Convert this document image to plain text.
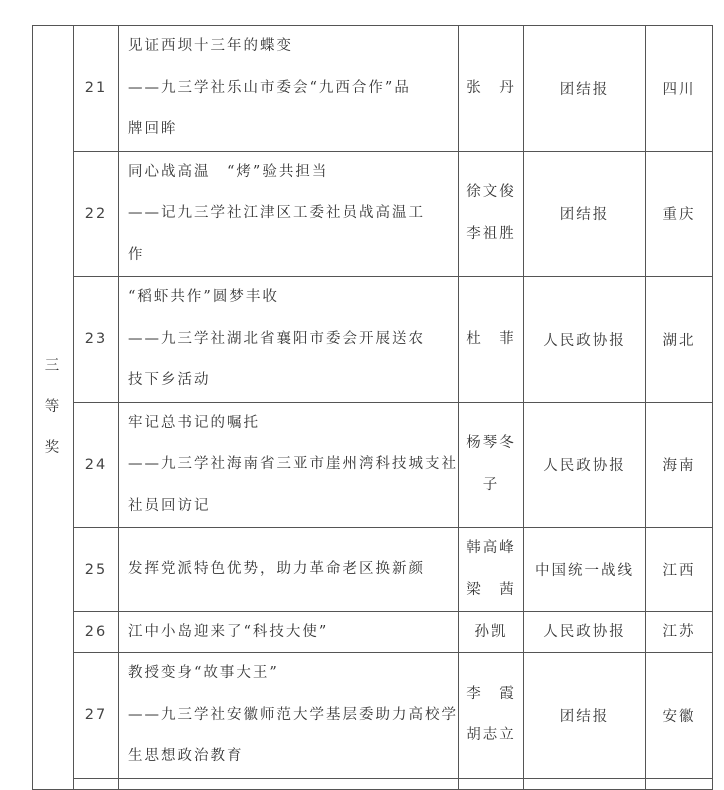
三
等
奖	21	见证西坝十三年的蝶变
——九三学社乐山市委会“九西合作”品
牌回眸	张　丹	团结报	四川
	22	同心战高温　“烤”验共担当
——记九三学社江津区工委社员战高温工
作	徐文俊
李祖胜	团结报	重庆
	23	“稻虾共作”圆梦丰收
——九三学社湖北省襄阳市委会开展送农
技下乡活动	杜　菲	人民政协报	湖北
	24	牢记总书记的嘱托
——九三学社海南省三亚市崖州湾科技城支社
社员回访记	杨琴冬
子	人民政协报	海南
	25	发挥党派特色优势，助力革命老区换新颜	韩高峰
梁　茜	中国统一战线	江西
	26	江中小岛迎来了“科技大使”	孙凯	人民政协报	江苏
	27	教授变身“故事大王”
——九三学社安徽师范大学基层委助力高校学
生思想政治教育	李　霞
胡志立	团结报	安徽
